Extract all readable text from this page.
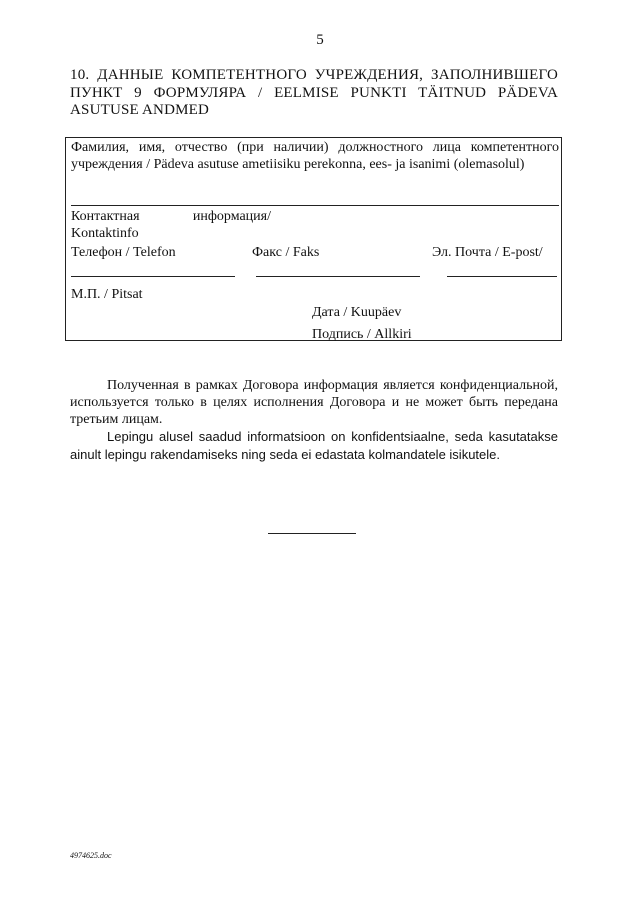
5
10. ДАННЫЕ КОМПЕТЕНТНОГО УЧРЕЖДЕНИЯ, ЗАПОЛНИВШЕГО ПУНКТ 9 ФОРМУЛЯРА / EELMISE PUNKTI TÄITNUD PÄDEVA
ASUTUSE ANDMED
Фамилия, имя, отчество (при наличии) должностного лица компетентного учреждения / Pädeva asutuse ametiisiku perekonna, ees- ja isanimi (olemasolul)
Контактная информация/
Kontaktinfo
Телефон / Telefon	Факс / Faks	Эл. Почта / E-post/
М.П. / Pitsat
Дата / Kuupäev
Подпись / Allkiri

Полученная в рамках Договора информация является конфиденциальной, используется только в целях исполнения Договора и не может быть передана третьим лицам.

Lepingu alusel saadud informatsioon on konfidentsiaalne, seda kasutatakse ainult lepingu rakendamiseks ning seda ei edastata kolmandatele isikutele.

4974625.doc
